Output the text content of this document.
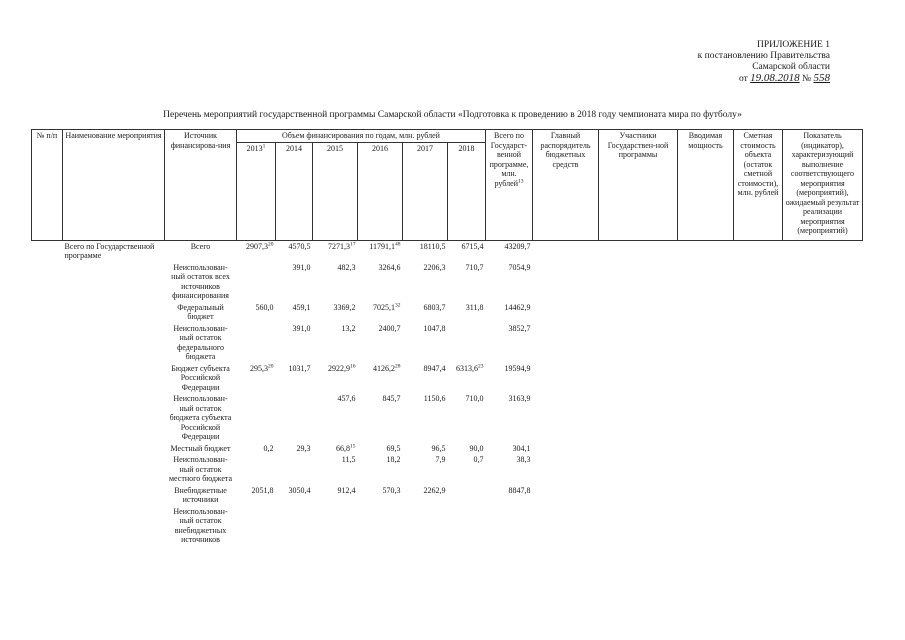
ПРИЛОЖЕНИЕ 1
к постановлению Правительства
Самарской области
от 19.08.2018 № 558
Перечень мероприятий государственной программы Самарской области «Подготовка к проведению в 2018 году чемпионата мира по футболу»
№ п/п	Наименование мероприятия	Источник финансирова-ния	Объем финансирования по годам, млн. рублей						Всего по Государст-венной программе, млн. рублей$^{13}$	Главный распорядитель бюджетных средств	Участники Государствен-ной программы	Вводимая мощность	Сметная стоимость объекта (остаток сметной стоимости), млн. рублей	Показатель (индикатор), характеризующий выполнение соответствующего мероприятия (мероприятий), ожидаемый результат реализации мероприятия (мероприятий)
			2013$^1$	2014	2015	2016	2017	2018						
	Всего по Государственной программе	Всего	2907,3$^{20}$	4570,5	7271,3$^{17}$	11791,1$^{48}$	18110,5	6715,4	43209,7					
		Неиспользован-ный остаток всех источников финансирования		391,0	482,3	3264,6	2206,3	710,7	7054,9					
		Федеральный бюджет	560,0	459,1	3369,2	7025,1$^{32}$	6803,7	311,8	14462,9					
		Неиспользован-ный остаток федерального бюджета		391,0	13,2	2400,7	1047,8		3852,7					
		Бюджет субъекта Российской Федерации	295,3$^{20}$	1031,7	2922,9$^{16}$	4126,2$^{28}$	8947,4	6313,6$^{23}$	19594,9					
		Неиспользован-ный остаток бюджета субъекта Российской Федерации			457,6	845,7	1150,6	710,0	3163,9					
		Местный бюджет	0,2	29,3	66,8$^{15}$	69,5	96,5	90,0	304,1					
		Неиспользован-ный остаток местного бюджета			11,5	18,2	7,9	0,7	38,3					
		Внебюджетные источники	2051,8	3050,4	912,4	570,3	2262,9		8847,8					
		Неиспользован-ный остаток внебюджетных источников												
